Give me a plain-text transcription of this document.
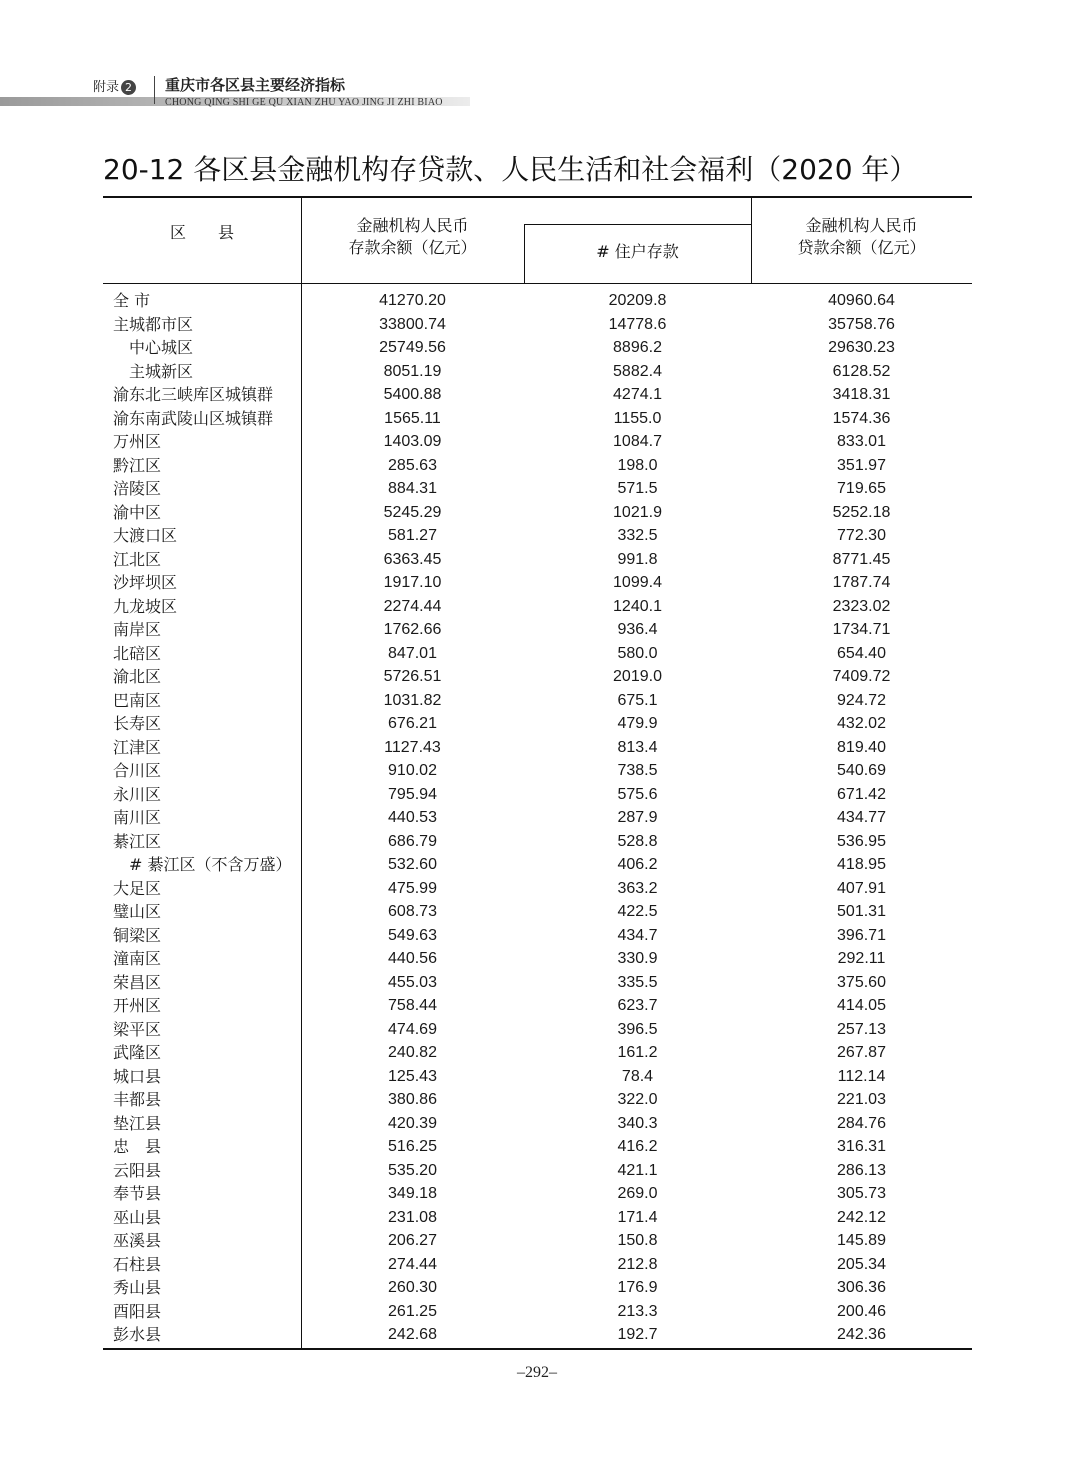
附录 2 重庆市各区县主要经济指标
CHONG QING SHI GE QU XIAN ZHU YAO JING JI ZHI BIAO
20-12 各区县金融机构存贷款、人民生活和社会福利（2020 年）
区　　县	金融机构人民币
存款余额（亿元）	# 住户存款
金融机构人民币
贷款余额（亿元）
全 市	41270.20	20209.8	40960.64
主城都市区	33800.74	14778.6	35758.76
中心城区	25749.56	8896.2	29630.23
主城新区	8051.19	5882.4	6128.52
渝东北三峡库区城镇群	5400.88	4274.1	3418.31
渝东南武陵山区城镇群	1565.11	1155.0	1574.36
万州区	1403.09	1084.7	833.01
黔江区	285.63	198.0	351.97
涪陵区	884.31	571.5	719.65
渝中区	5245.29	1021.9	5252.18
大渡口区	581.27	332.5	772.30
江北区	6363.45	991.8	8771.45
沙坪坝区	1917.10	1099.4	1787.74
九龙坡区	2274.44	1240.1	2323.02
南岸区	1762.66	936.4	1734.71
北碚区	847.01	580.0	654.40
渝北区	5726.51	2019.0	7409.72
巴南区	1031.82	675.1	924.72
长寿区	676.21	479.9	432.02
江津区	1127.43	813.4	819.40
合川区	910.02	738.5	540.69
永川区	795.94	575.6	671.42
南川区	440.53	287.9	434.77
綦江区	686.79	528.8	536.95
# 綦江区（不含万盛）	532.60	406.2	418.95
大足区	475.99	363.2	407.91
璧山区	608.73	422.5	501.31
铜梁区	549.63	434.7	396.71
潼南区	440.56	330.9	292.11
荣昌区	455.03	335.5	375.60
开州区	758.44	623.7	414.05
梁平区	474.69	396.5	257.13
武隆区	240.82	161.2	267.87
城口县	125.43	78.4	112.14
丰都县	380.86	322.0	221.03
垫江县	420.39	340.3	284.76
忠　县	516.25	416.2	316.31
云阳县	535.20	421.1	286.13
奉节县	349.18	269.0	305.73
巫山县	231.08	171.4	242.12
巫溪县	206.27	150.8	145.89
石柱县	274.44	212.8	205.34
秀山县	260.30	176.9	306.36
酉阳县	261.25	213.3	200.46
彭水县	242.68	192.7	242.36
–292–
